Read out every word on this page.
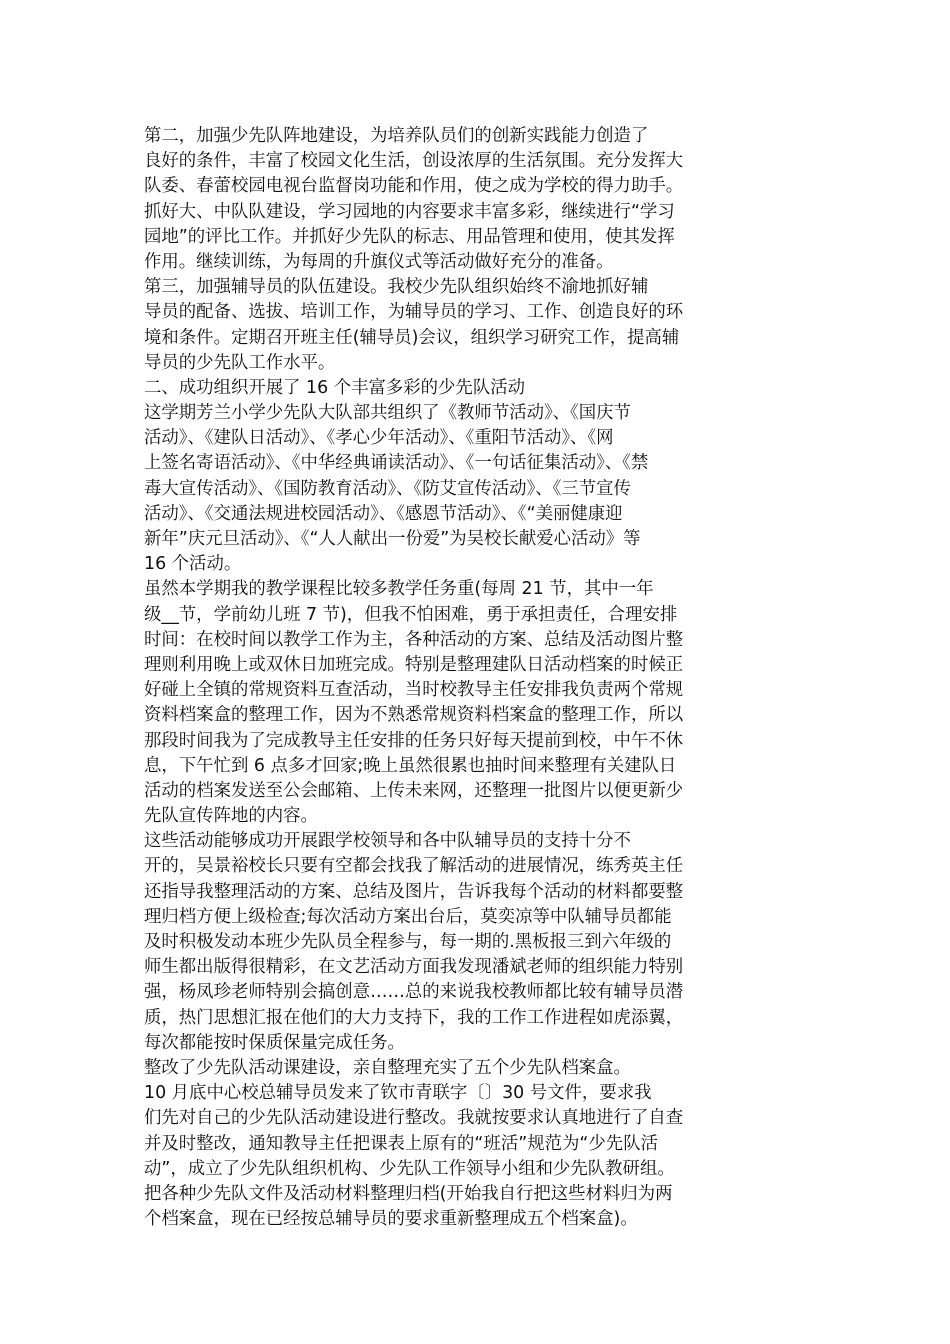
第二，加强少先队阵地建设，为培养队员们的创新实践能力创造了
良好的条件，丰富了校园文化生活，创设浓厚的生活氛围。充分发挥大
队委、春蕾校园电视台监督岗功能和作用，使之成为学校的得力助手。
抓好大、中队队建设，学习园地的内容要求丰富多彩，继续进行“学习
园地”的评比工作。并抓好少先队的标志、用品管理和使用，使其发挥
作用。继续训练，为每周的升旗仪式等活动做好充分的准备。
第三，加强辅导员的队伍建设。我校少先队组织始终不渝地抓好辅
导员的配备、选拔、培训工作，为辅导员的学习、工作、创造良好的环
境和条件。定期召开班主任(辅导员)会议，组织学习研究工作，提高辅
导员的少先队工作水平。
二、成功组织开展了 16 个丰富多彩的少先队活动
这学期芳兰小学少先队大队部共组织了《教师节活动》、《国庆节
活动》、《建队日活动》、《孝心少年活动》、《重阳节活动》、《网
上签名寄语活动》、《中华经典诵读活动》、《一句话征集活动》、《禁
毒大宣传活动》、《国防教育活动》、《防艾宣传活动》、《三节宣传
活动》、《交通法规进校园活动》、《感恩节活动》、《“美丽健康迎
新年”庆元旦活动》、《“人人献出一份爱”为吴校长献爱心活动》等
16 个活动。
虽然本学期我的教学课程比较多教学任务重(每周 21 节，其中一年
级__节，学前幼儿班 7 节)，但我不怕困难，勇于承担责任，合理安排
时间：在校时间以教学工作为主，各种活动的方案、总结及活动图片整
理则利用晚上或双休日加班完成。特别是整理建队日活动档案的时候正
好碰上全镇的常规资料互查活动，当时校教导主任安排我负责两个常规
资料档案盒的整理工作，因为不熟悉常规资料档案盒的整理工作，所以
那段时间我为了完成教导主任安排的任务只好每天提前到校，中午不休
息，下午忙到 6 点多才回家;晚上虽然很累也抽时间来整理有关建队日
活动的档案发送至公会邮箱、上传未来网，还整理一批图片以便更新少
先队宣传阵地的内容。
这些活动能够成功开展跟学校领导和各中队辅导员的支持十分不
开的，吴景裕校长只要有空都会找我了解活动的进展情况，练秀英主任
还指导我整理活动的方案、总结及图片，告诉我每个活动的材料都要整
理归档方便上级检查;每次活动方案出台后，莫奕凉等中队辅导员都能
及时积极发动本班少先队员全程参与，每一期的.黑板报三到六年级的
师生都出版得很精彩，在文艺活动方面我发现潘斌老师的组织能力特别
强，杨凤珍老师特别会搞创意……总的来说我校教师都比较有辅导员潜
质，热门思想汇报在他们的大力支持下，我的工作工作进程如虎添翼，
每次都能按时保质保量完成任务。
整改了少先队活动课建设，亲自整理充实了五个少先队档案盒。
10 月底中心校总辅导员发来了钦市青联字〔〕30 号文件，要求我
们先对自己的少先队活动建设进行整改。我就按要求认真地进行了自查
并及时整改，通知教导主任把课表上原有的“班活”规范为“少先队活
动”，成立了少先队组织机构、少先队工作领导小组和少先队教研组。
把各种少先队文件及活动材料整理归档(开始我自行把这些材料归为两
个档案盒，现在已经按总辅导员的要求重新整理成五个档案盒)。
